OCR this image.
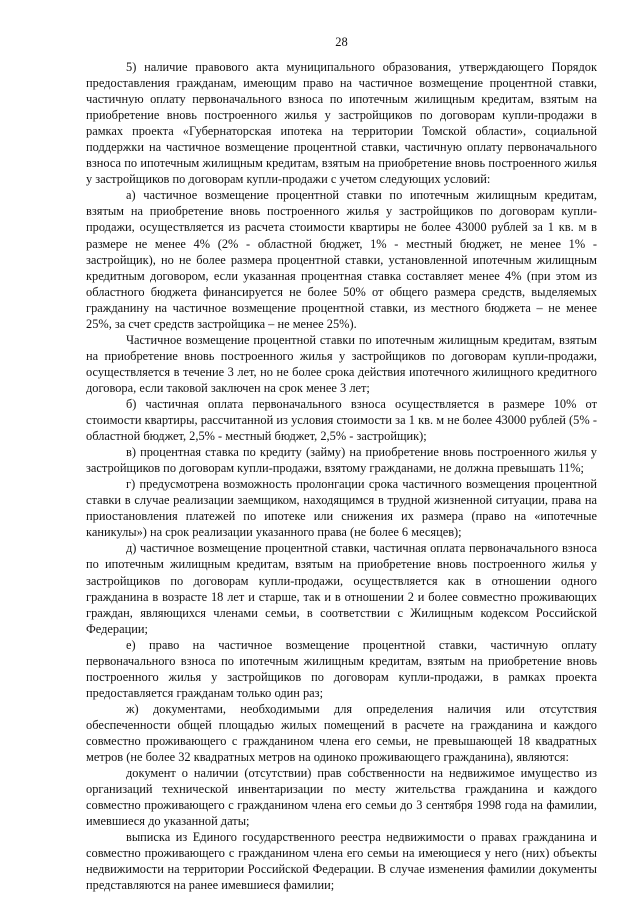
28

5) наличие правового акта муниципального образования, утверждающего Порядок предоставления гражданам, имеющим право на частичное возмещение процентной ставки, частичную оплату первоначального взноса по ипотечным жилищным кредитам, взятым на приобретение вновь построенного жилья у застройщиков по договорам купли-продажи в рамках проекта «Губернаторская ипотека на территории Томской области», социальной поддержки на частичное возмещение процентной ставки, частичную оплату первоначального взноса по ипотечным жилищным кредитам, взятым на приобретение вновь построенного жилья у застройщиков по договорам купли-продажи с учетом следующих условий:

а) частичное возмещение процентной ставки по ипотечным жилищным кредитам, взятым на приобретение вновь построенного жилья у застройщиков по договорам купли-продажи, осуществляется из расчета стоимости квартиры не более 43000 рублей за 1 кв. м в размере не менее 4% (2% - областной бюджет, 1% - местный бюджет, не менее 1% - застройщик), но не более размера процентной ставки, установленной ипотечным жилищным кредитным договором, если указанная процентная ставка составляет менее 4% (при этом из областного бюджета финансируется не более 50% от общего размера средств, выделяемых гражданину на частичное возмещение процентной ставки, из местного бюджета – не менее 25%, за счет средств застройщика – не менее 25%).

Частичное возмещение процентной ставки по ипотечным жилищным кредитам, взятым на приобретение вновь построенного жилья у застройщиков по договорам купли-продажи, осуществляется в течение 3 лет, но не более срока действия ипотечного жилищного кредитного договора, если таковой заключен на срок менее 3 лет;

б) частичная оплата первоначального взноса осуществляется в размере 10% от стоимости квартиры, рассчитанной из условия стоимости за 1 кв. м не более 43000 рублей (5% - областной бюджет, 2,5% - местный бюджет, 2,5% - застройщик);

в) процентная ставка по кредиту (займу) на приобретение вновь построенного жилья у застройщиков по договорам купли-продажи, взятому гражданами, не должна превышать 11%;

г) предусмотрена возможность пролонгации срока частичного возмещения процентной ставки в случае реализации заемщиком, находящимся в трудной жизненной ситуации, права на приостановления платежей по ипотеке или снижения их размера (право на «ипотечные каникулы») на срок реализации указанного права (не более 6 месяцев);

д) частичное возмещение процентной ставки, частичная оплата первоначального взноса по ипотечным жилищным кредитам, взятым на приобретение вновь построенного жилья у застройщиков по договорам купли-продажи, осуществляется как в отношении одного гражданина в возрасте 18 лет и старше, так и в отношении 2 и более совместно проживающих граждан, являющихся членами семьи, в соответствии с Жилищным кодексом Российской Федерации;

е) право на частичное возмещение процентной ставки, частичную оплату первоначального взноса по ипотечным жилищным кредитам, взятым на приобретение вновь построенного жилья у застройщиков по договорам купли-продажи, в рамках проекта предоставляется гражданам только один раз;

ж) документами, необходимыми для определения наличия или отсутствия обеспеченности общей площадью жилых помещений в расчете на гражданина и каждого совместно проживающего с гражданином члена его семьи, не превышающей 18 квадратных метров (не более 32 квадратных метров на одиноко проживающего гражданина), являются:

документ о наличии (отсутствии) прав собственности на недвижимое имущество из организаций технической инвентаризации по месту жительства гражданина и каждого совместно проживающего с гражданином члена его семьи до 3 сентября 1998 года на фамилии, имевшиеся до указанной даты;

выписка из Единого государственного реестра недвижимости о правах гражданина и совместно проживающего с гражданином члена его семьи на имеющиеся у него (них) объекты недвижимости на территории Российской Федерации. В случае изменения фамилии документы представляются на ранее имевшиеся фамилии;
